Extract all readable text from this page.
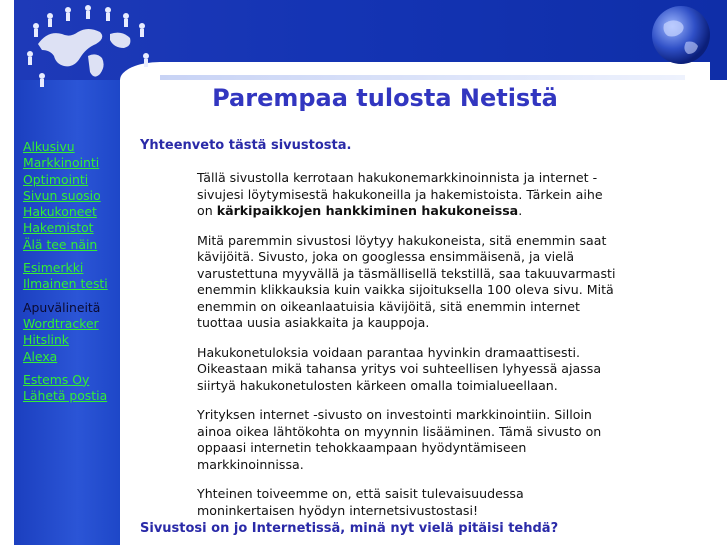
Parempaa tulosta Netistä
Yhteenveto tästä sivustosta.
Alkusivu
Markkinointi
Optimointi
Sivun suosio
Hakukoneet
Hakemistot
Älä tee näin
Esimerkki
Ilmainen testi
Apuvälineitä
Wordtracker
Hitslink
Alexa
Estems Oy
Lähetä postia

Tällä sivustolla kerrotaan hakukonemarkkinoinnista ja internet -sivujesi löytymisestä hakukoneilla ja hakemistoista. Tärkein aihe on kärkipaikkojen hankkiminen hakukoneissa.

Mitä paremmin sivustosi löytyy hakukoneista, sitä enemmin saat kävijöitä. Sivusto, joka on googlessa ensimmäisenä, ja vielä varustettuna myyvällä ja täsmällisellä tekstillä, saa takuuvarmasti enemmin klikkauksia kuin vaikka sijoituksella 100 oleva sivu. Mitä enemmin on oikeanlaatuisia kävijöitä, sitä enemmin internet tuottaa uusia asiakkaita ja kauppoja.

Hakukonetuloksia voidaan parantaa hyvinkin dramaattisesti. Oikeastaan mikä tahansa yritys voi suhteellisen lyhyessä ajassa siirtyä hakukonetulosten kärkeen omalla toimialueellaan.

Yrityksen internet -sivusto on investointi markkinointiin. Silloin ainoa oikea lähtökohta on myynnin lisääminen. Tämä sivusto on oppaasi internetin tehokkaampaan hyödyntämiseen markkinoinnissa.

Yhteinen toiveemme on, että saisit tulevaisuudessa moninkertaisen hyödyn internetsivustostasi!

Sivustosi on jo Internetissä, minä nyt vielä pitäisi tehdä?
